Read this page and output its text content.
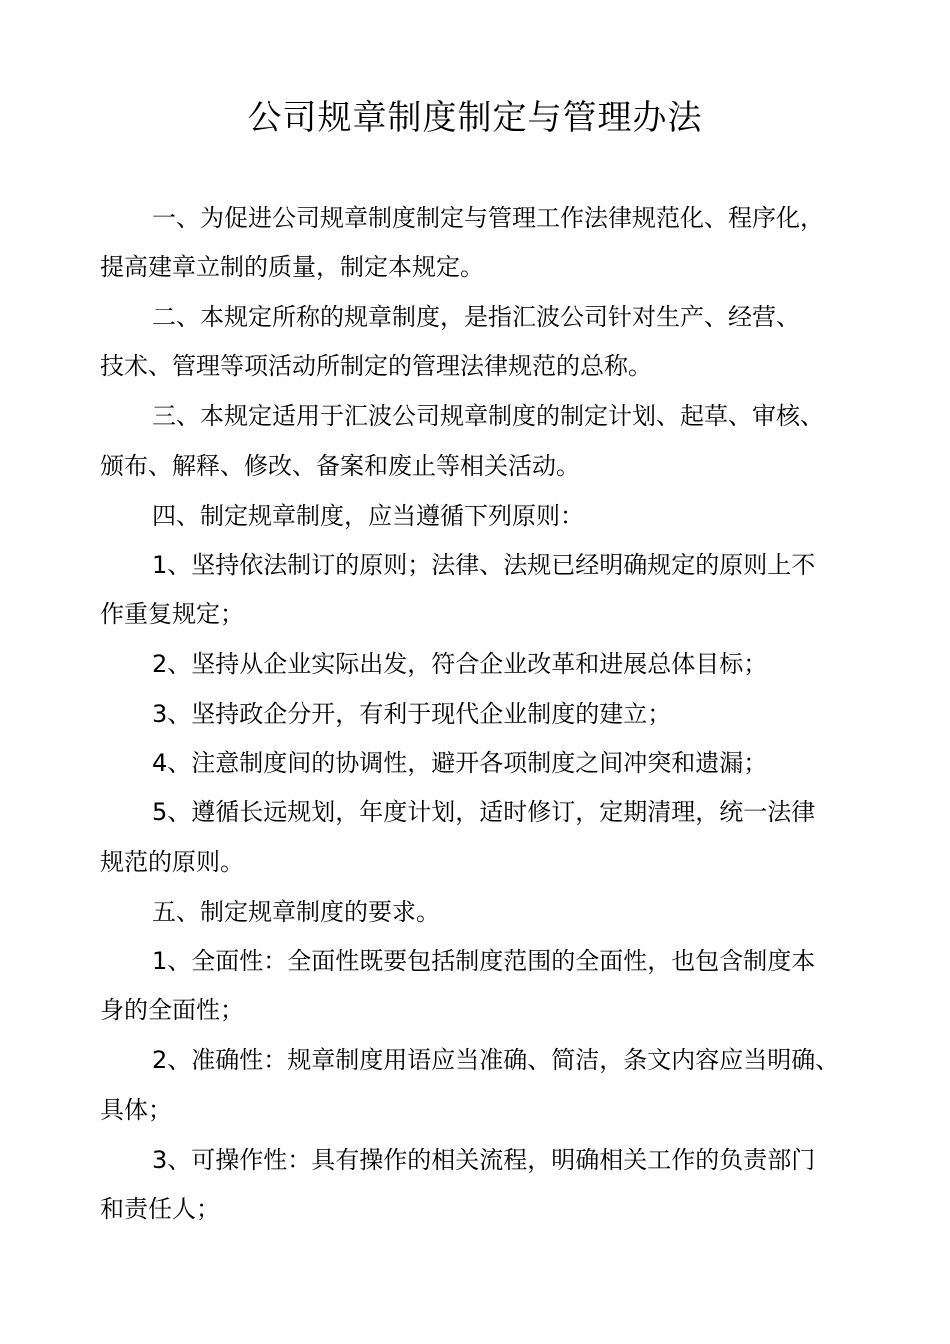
公司规章制度制定与管理办法
一、为促进公司规章制度制定与管理工作法律规范化、程序化，
提高建章立制的质量，制定本规定。
二、本规定所称的规章制度，是指汇波公司针对生产、经营、
技术、管理等项活动所制定的管理法律规范的总称。
三、本规定适用于汇波公司规章制度的制定计划、起草、审核、
颁布、解释、修改、备案和废止等相关活动。
四、制定规章制度，应当遵循下列原则：
1、坚持依法制订的原则；法律、法规已经明确规定的原则上不
作重复规定；
2、坚持从企业实际出发，符合企业改革和进展总体目标；
3、坚持政企分开，有利于现代企业制度的建立；
4、注意制度间的协调性，避开各项制度之间冲突和遗漏；
5、遵循长远规划，年度计划，适时修订，定期清理，统一法律
规范的原则。
五、制定规章制度的要求。
1、全面性：全面性既要包括制度范围的全面性，也包含制度本
身的全面性；
2、准确性：规章制度用语应当准确、简洁，条文内容应当明确、
具体；
3、可操作性：具有操作的相关流程，明确相关工作的负责部门
和责任人；
